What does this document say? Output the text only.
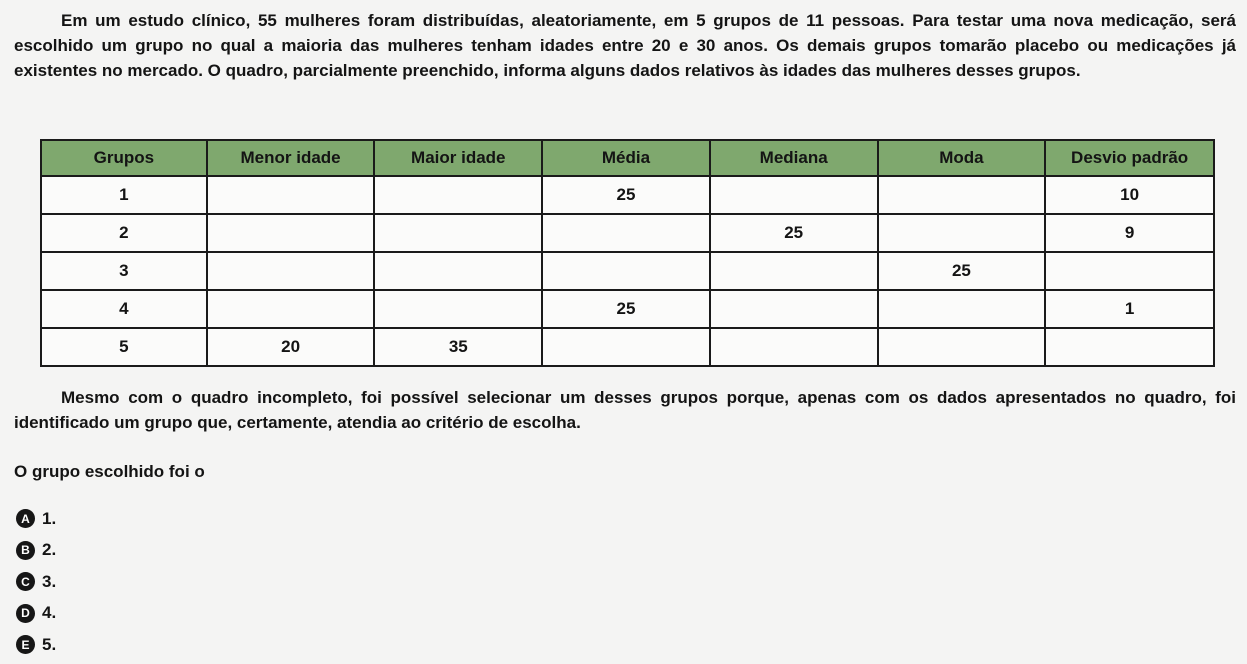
Em um estudo clínico, 55 mulheres foram distribuídas, aleatoriamente, em 5 grupos de 11 pessoas. Para testar uma nova medicação, será escolhido um grupo no qual a maioria das mulheres tenham idades entre 20 e 30 anos. Os demais grupos tomarão placebo ou medicações já existentes no mercado. O quadro, parcialmente preenchido, informa alguns dados relativos às idades das mulheres desses grupos.

Grupos	Menor idade	Maior idade	Média	Mediana	Moda	Desvio padrão
1			25			10
2				25		9
3					25	
4			25			1
5	20	35				

Mesmo com o quadro incompleto, foi possível selecionar um desses grupos porque, apenas com os dados apresentados no quadro, foi identificado um grupo que, certamente, atendia ao critério de escolha.

O grupo escolhido foi o

A 1.
B 2.
C 3.
D 4.
E 5.
